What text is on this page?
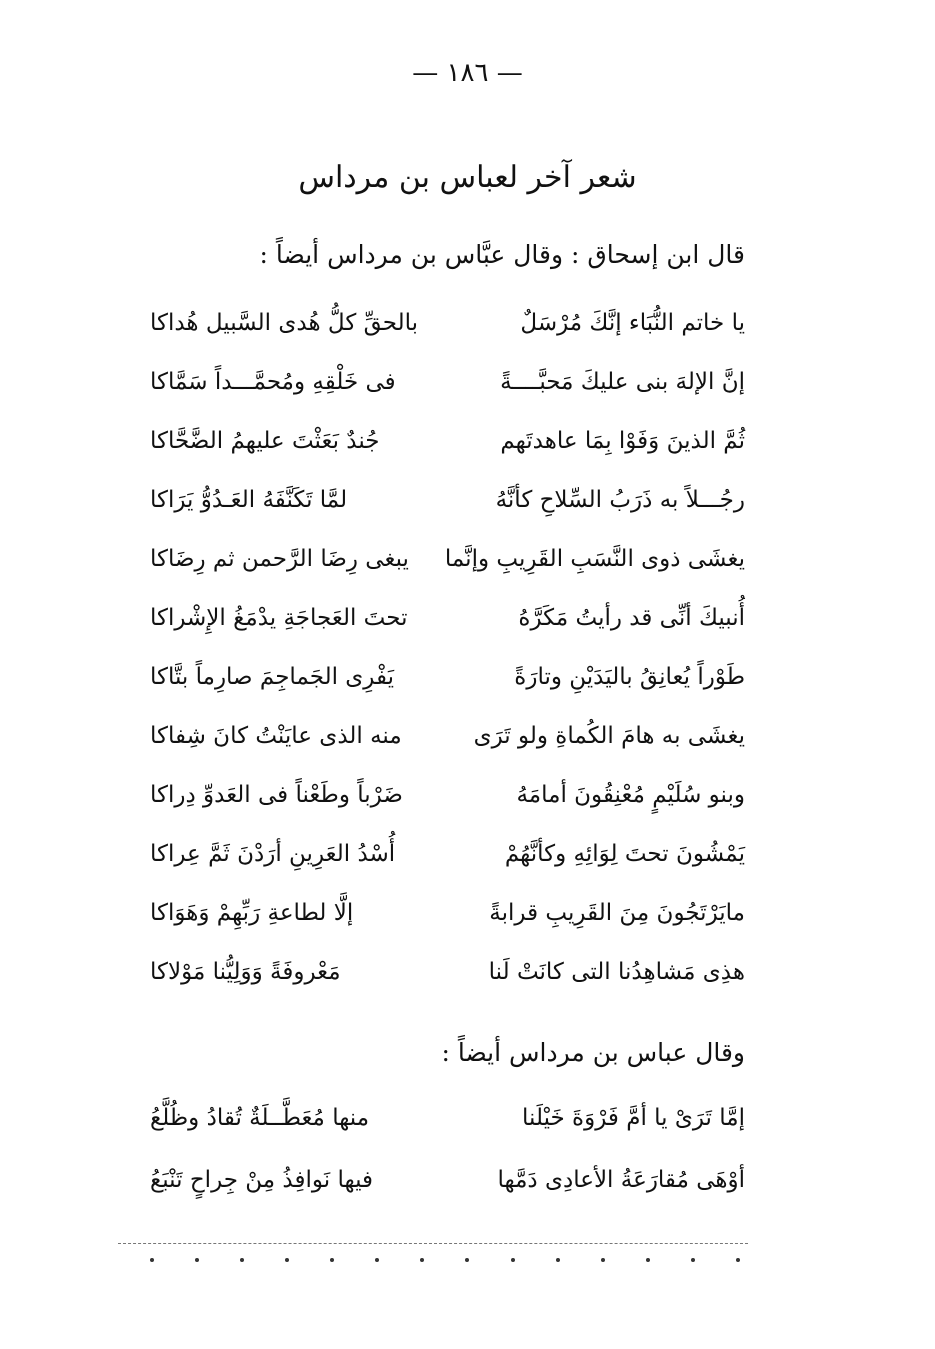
— ١٨٦ —
شعر آخر لعباس بن مرداس
قال ابن إسحاق : وقال عبَّاس بن مرداس أيضاً :
يا خاتم النُّبَاء إنَّكَ مُرْسَلٌ
بالحقِّ كلُّ هُدى السَّبيل هُداكا
إنَّ الإلهَ بنى عليكَ مَحبَّــــةً
فى خَلْقِهِ ومُحمَّـــداً سَمَّاكا
ثُمَّ الذينَ وَفَوْا بِمَا عاهدتَهم
جُندٌ بَعَثْتَ عليهمُ الضَّحَّاكا
رجُـــلاً به ذَرَبُ السِّلاحِ كأنَّهُ
لمَّا تَكَنَّفَهُ العَـدُوُّ يَرَاكا
يغشَى ذوى النَّسَبِ القَرِيبِ وإنَّما
يبغى رِضَا الرَّحمن ثم رِضَاكا
أُنبيكَ أنِّى قد رأيتُ مَكَرَّهُ
تحتَ العَجاجَةِ يدْمَغُ الإِشْراكا
طَوْراً يُعانِقُ باليَدَيْنِ وتارَةً
يَفْرِى الجَماجِمَ صارِماً بتَّاكا
يغشَى به هامَ الكُماةِ ولو تَرَى
منه الذى عايَنْتُ كانَ شِفاكا
وبنو سُلَيْمٍ مُعْنِقُونَ أمامَهُ
ضَرْباً وطَعْناً فى العَدوِّ دِراكا
يَمْشُونَ تحتَ لِوَائِهِ وكأنَّهُمْ
أُسْدُ العَرِينِ أرَدْنَ ثَمَّ عِراكا
مايَرْتَجُونَ مِنَ القَرِيبِ قرابةً
إلَّا لطاعةِ رَبِّهِمْ وَهَوَاكا
هذِى مَشاهِدُنا التى كانَتْ لَنا
مَعْروفَةً وَوَلِيُّنا مَوْلاكا
وقال عباس بن مرداس أيضاً :
إمَّا تَرَىْ يا أمَّ فَرْوَةَ خَيْلَنا
منها مُعَطَّــلَةٌ تُقادُ وظُلَّعُ
أوْهَى مُقارَعَةُ الأعادِى دَمَّها
فيها نَوافِذُ مِنْ جِراحٍ تَنْبَعُ
